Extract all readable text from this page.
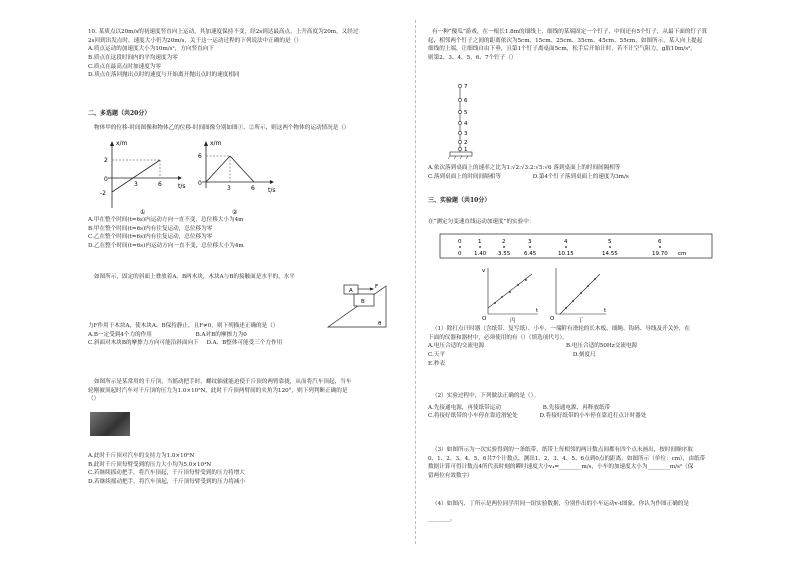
10. 某质点以20m/s的初速度竖直向上运动，其加速度保持不变，经2s到达最高点，上升高度为20m，又经过

2s回到出发点时，速度大小仍为20m/s，关于这一运动过程的下列说法中正确的是（）

A.质点运动的加速度大小为10m/s²，方向竖直向下

B.质点在这段时间内的平均速度为零

C.质点在最高点时加速度为零

D.质点在落回抛出点时的速度与开始离开抛出点时的速度相同

二、多选题（共20分）

物体甲的位移-时间图像和物体乙的位移-时间图像分别如图①、②所示，则这两个物体的运动情况是（）

x/m
t/s
2
0
-2
3	6
①
x/m
t/s
6
0
3	6
②

A.甲在整个时间(t=6s)内运动方向一直不变，总位移大小为4m

B.甲在整个时间(t=6s)内有往复运动，总位移为零

C.乙在整个时间(t=6s)内有往复运动，总位移为零

D.乙在整个时间(t=6s)内运动方向一直不变，总位移大小为4m

如图所示，固定的斜面上叠放着A、B两木块，木块A与B的接触面是水平的，水平

A
B
F
θ

力F作用于木块A，使木块A、B保持静止，且F≠0，则下列描述正确的是（）

A.B一定受到4个力的作用	B.A对B的摩擦力为0

C.斜面对木块B的摩擦力方向可能沿斜面向下 D.A、B整体可能受三个力作用

如图所示是某常用的千斤顶，当摇动把手时，螺纹轴就能迫使千斤顶的两臂靠拢，从而将汽车顶起，当车

轮刚被顶起时汽车对千斤顶的压力为1.0×10⁵N，此时千斤顶两臂间的夹角为120°，则下列判断正确的是

（）

A.此时千斤顶对汽车的支持力为1.0×10⁵N

B.此时千斤顶每臂受到的压力大小均为5.0×10⁴N

C.若继续摇动把手，将汽车顶起，千斤顶每臂受到的压力将增大

D.若继续摇动把手，将汽车顶起，千斤顶每臂受到的压力将减小

有一种“傻瓜”游戏，在一根长1.8m的细线上，细线的某端固定一个钉子，中间还有5个钉子，从最下面的钉子算

起，相邻两个钉子之间的距离依次为5cm、15cm、25cm、35cm、45cm、55cm，如图所示，某人向上提起

细线的上端，让细线自由下垂，且第1个钉子离桌面5cm，松手后开始计时，若不计空气阻力，g取10m/s²，

则第2、3、4、5、6、7个钉子（）

7
6
5
4
3
2
1

A.依次落到桌面上的速率之比为1:√2:√3:2:√5:√6 落到桌面上的时间间隔相等

C.落到桌面上的时间间隔相等	D.第4个钉子落到桌面上的速度为3m/s

三、实验题（共10分）
在“测定匀变速直线运动加速度”的实验中：
0	1	2	3	4	5	6
0 1.40 3.55	6.45	10.15	14.55	19.70 cm
v
t
O	丙
t
O	丁

（1）除打点计时器（含纸带、复写纸）、小车、一端附有滑轮的长木板、细绳、钩码、导线及开关外，在

下面的仪器和器材中，必须使用的有（）（填选项代号）。

A.电压合适的交流电源	B.电压合适的50Hz交流电源

C.天平	D.刻度尺

E.秒表

（2）实验过程中，下列做法正确的是（）。

A.先接通电源，再使纸带运动	B.先接通电源，再释放纸带

C.将接好纸带的小车停在靠近滑轮处	D.将接好纸带的小车停在靠近打点计时器处

（3）如图所示为一次实验得到的一条纸带，纸带上每相邻的两计数点间都有四个点未画出，按时间顺序取

0、1、2、3、4、5、6共7个计数点，测出1、2、3、4、5、6点到0点的距离，如图所示（单位：cm），由纸带

数据计算可得计数点4所代表时刻的瞬时速度大小v₄=________m/s，小车的加速度大小为________m/s²（保

留两位有效数字）

（4）如图丙、丁所示是两位同学用同一组实验数据，分别作出的小车运动v-t图象，你认为作图正确的是

________。
